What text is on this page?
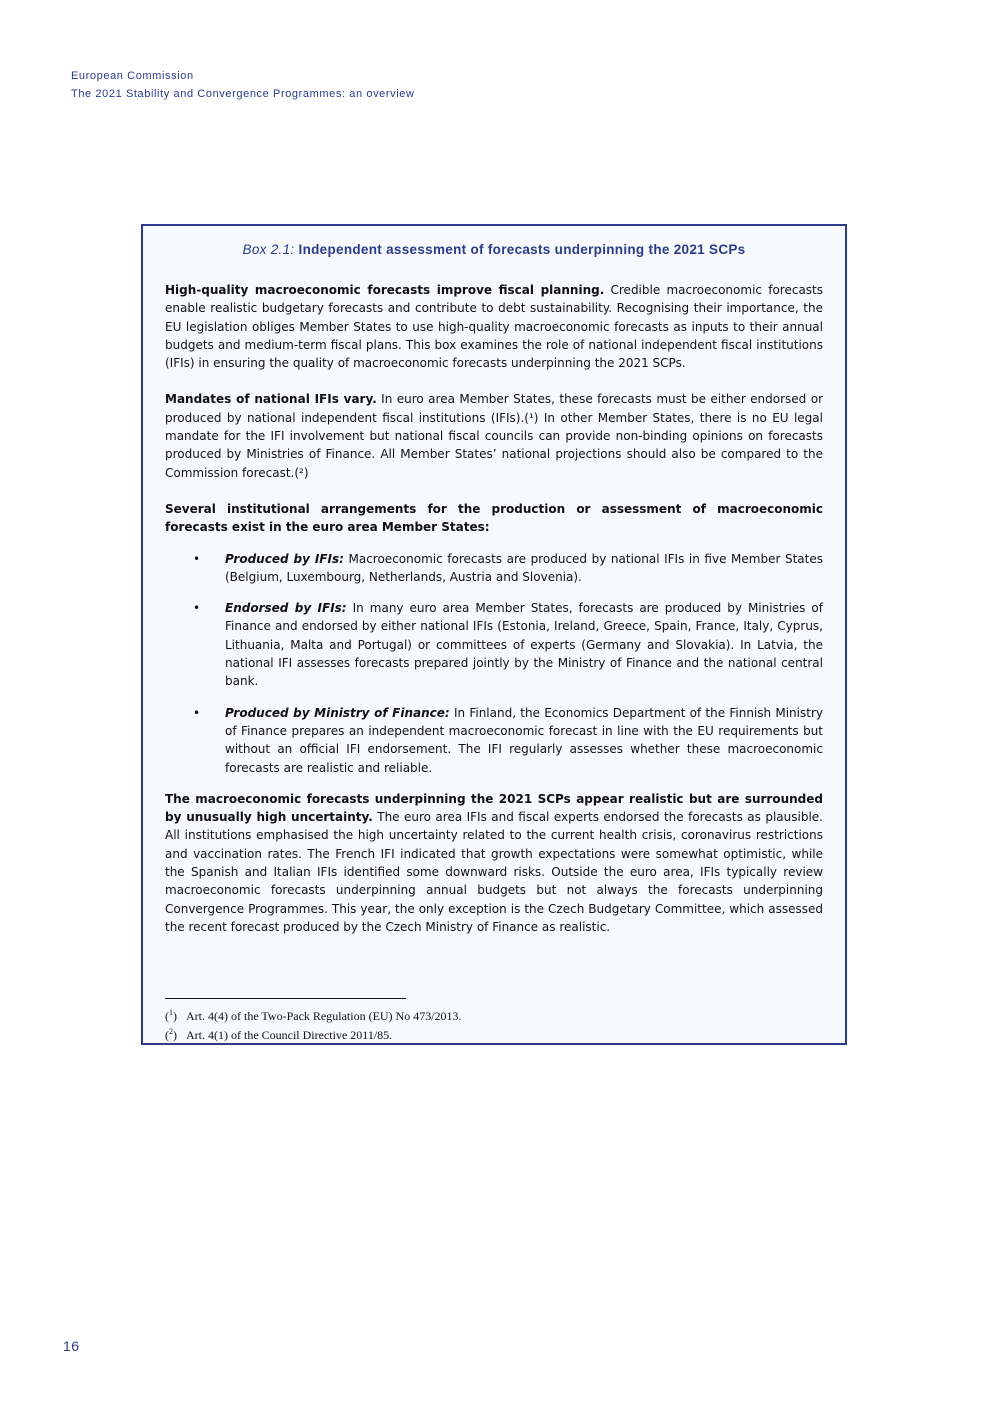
European Commission
The 2021 Stability and Convergence Programmes: an overview
Box 2.1: Independent assessment of forecasts underpinning the 2021 SCPs

High-quality macroeconomic forecasts improve fiscal planning. Credible macroeconomic forecasts enable realistic budgetary forecasts and contribute to debt sustainability. Recognising their importance, the EU legislation obliges Member States to use high-quality macroeconomic forecasts as inputs to their annual budgets and medium-term fiscal plans. This box examines the role of national independent fiscal institutions (IFIs) in ensuring the quality of macroeconomic forecasts underpinning the 2021 SCPs.

Mandates of national IFIs vary. In euro area Member States, these forecasts must be either endorsed or produced by national independent fiscal institutions (IFIs).(¹) In other Member States, there is no EU legal mandate for the IFI involvement but national fiscal councils can provide non-binding opinions on forecasts produced by Ministries of Finance. All Member States’ national projections should also be compared to the Commission forecast.(²)

Several institutional arrangements for the production or assessment of macroeconomic forecasts exist in the euro area Member States:

• Produced by IFIs: Macroeconomic forecasts are produced by national IFIs in five Member States (Belgium, Luxembourg, Netherlands, Austria and Slovenia).
• Endorsed by IFIs: In many euro area Member States, forecasts are produced by Ministries of Finance and endorsed by either national IFIs (Estonia, Ireland, Greece, Spain, France, Italy, Cyprus, Lithuania, Malta and Portugal) or committees of experts (Germany and Slovakia). In Latvia, the national IFI assesses forecasts prepared jointly by the Ministry of Finance and the national central bank.
• Produced by Ministry of Finance: In Finland, the Economics Department of the Finnish Ministry of Finance prepares an independent macroeconomic forecast in line with the EU requirements but without an official IFI endorsement. The IFI regularly assesses whether these macroeconomic forecasts are realistic and reliable.

The macroeconomic forecasts underpinning the 2021 SCPs appear realistic but are surrounded by unusually high uncertainty. The euro area IFIs and fiscal experts endorsed the forecasts as plausible. All institutions emphasised the high uncertainty related to the current health crisis, coronavirus restrictions and vaccination rates. The French IFI indicated that growth expectations were somewhat optimistic, while the Spanish and Italian IFIs identified some downward risks. Outside the euro area, IFIs typically review macroeconomic forecasts underpinning annual budgets but not always the forecasts underpinning Convergence Programmes. This year, the only exception is the Czech Budgetary Committee, which assessed the recent forecast produced by the Czech Ministry of Finance as realistic.

($^1$)   Art. 4(4) of the Two-Pack Regulation (EU) No 473/2013.
($^2$)   Art. 4(1) of the Council Directive 2011/85.
16
